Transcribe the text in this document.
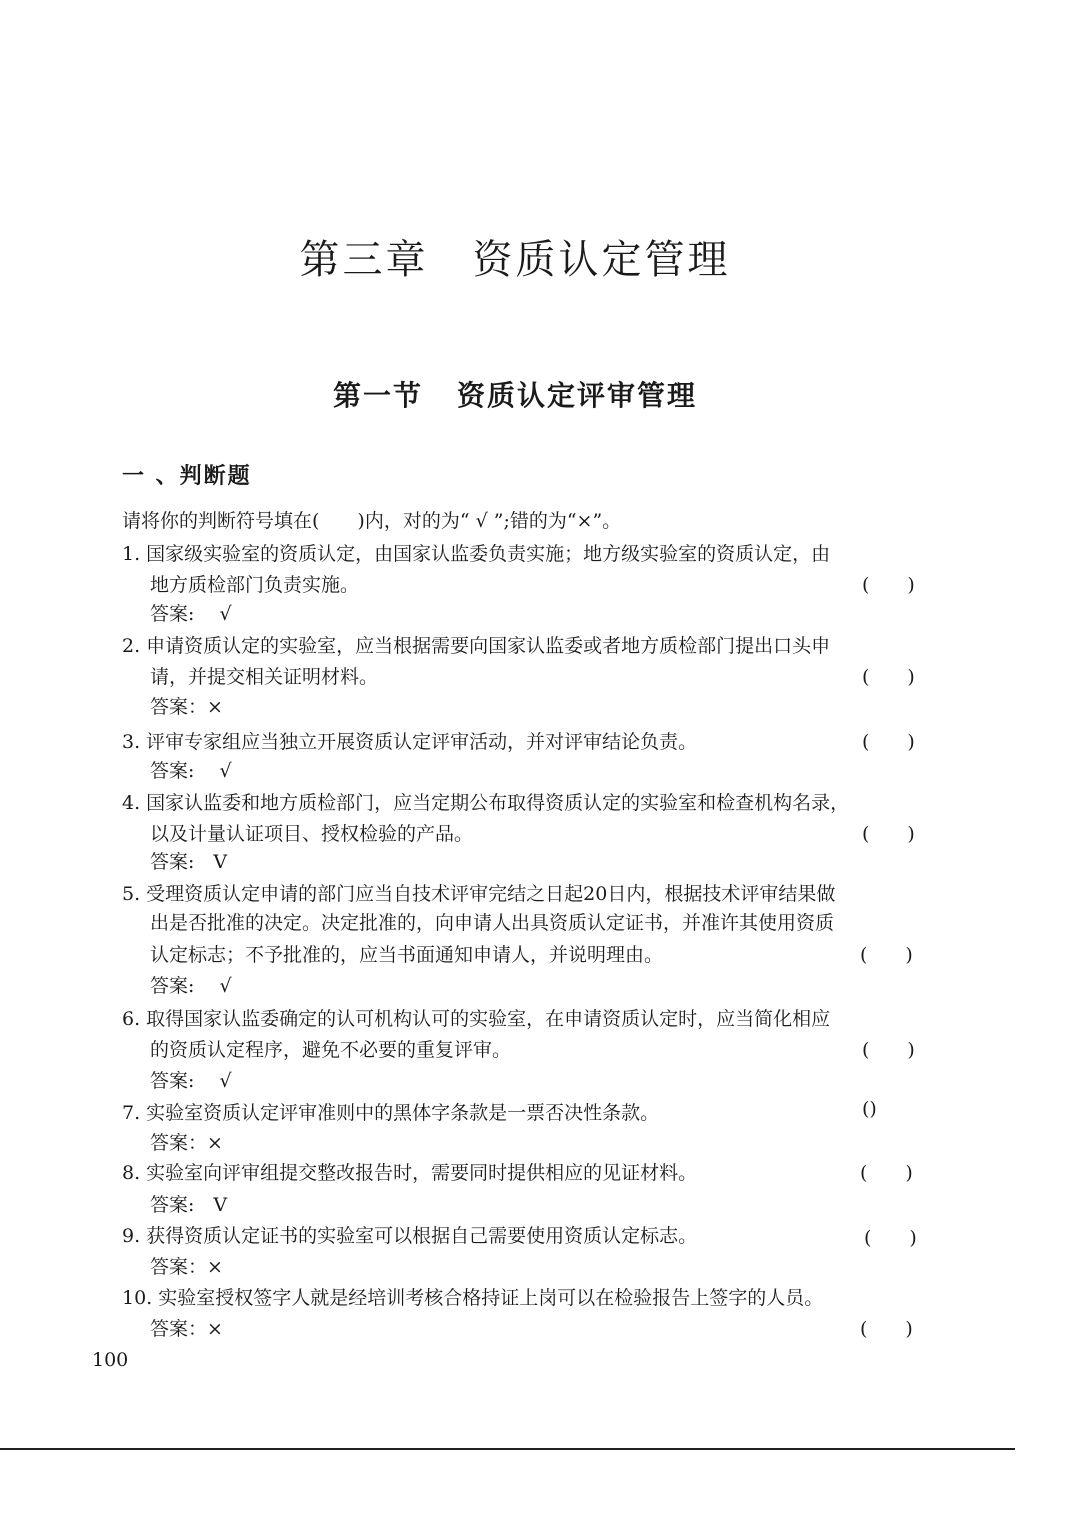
第三章 资质认定管理
第一节 资质认定评审管理
一 、判断题
请将你的判断符号填在(　　)内，对的为“ √ ”;错的为“×”。
1. 国家级实验室的资质认定，由国家认监委负责实施；地方级实验室的资质认定，由
地方质检部门负责实施。	(　　)
答案:　 √
2. 申请资质认定的实验室，应当根据需要向国家认监委或者地方质检部门提出口头申
请，并提交相关证明材料。	(　　)
答案：×
3. 评审专家组应当独立开展资质认定评审活动，并对评审结论负责。	(　　)
答案:　 √
4. 国家认监委和地方质检部门，应当定期公布取得资质认定的实验室和检查机构名录，
以及计量认证项目、授权检验的产品。	(　　)
答案:　V
5. 受理资质认定申请的部门应当自技术评审完结之日起20日内，根据技术评审结果做
出是否批准的决定。决定批准的，向申请人出具资质认定证书，并准许其使用资质
认定标志；不予批准的，应当书面通知申请人，并说明理由。	(　　)
答案:　 √
6. 取得国家认监委确定的认可机构认可的实验室，在申请资质认定时，应当简化相应
的资质认定程序，避免不必要的重复评审。	(　　)
答案:　 √
7. 实验室资质认定评审准则中的黑体字条款是一票否决性条款。	()
答案：×
8. 实验室向评审组提交整改报告时，需要同时提供相应的见证材料。	(　　)
答案:　V
9. 获得资质认定证书的实验室可以根据自己需要使用资质认定标志。	(　　)
答案：×
10. 实验室授权签字人就是经培训考核合格持证上岗可以在检验报告上签字的人员。
答案：×	(　　)
100
